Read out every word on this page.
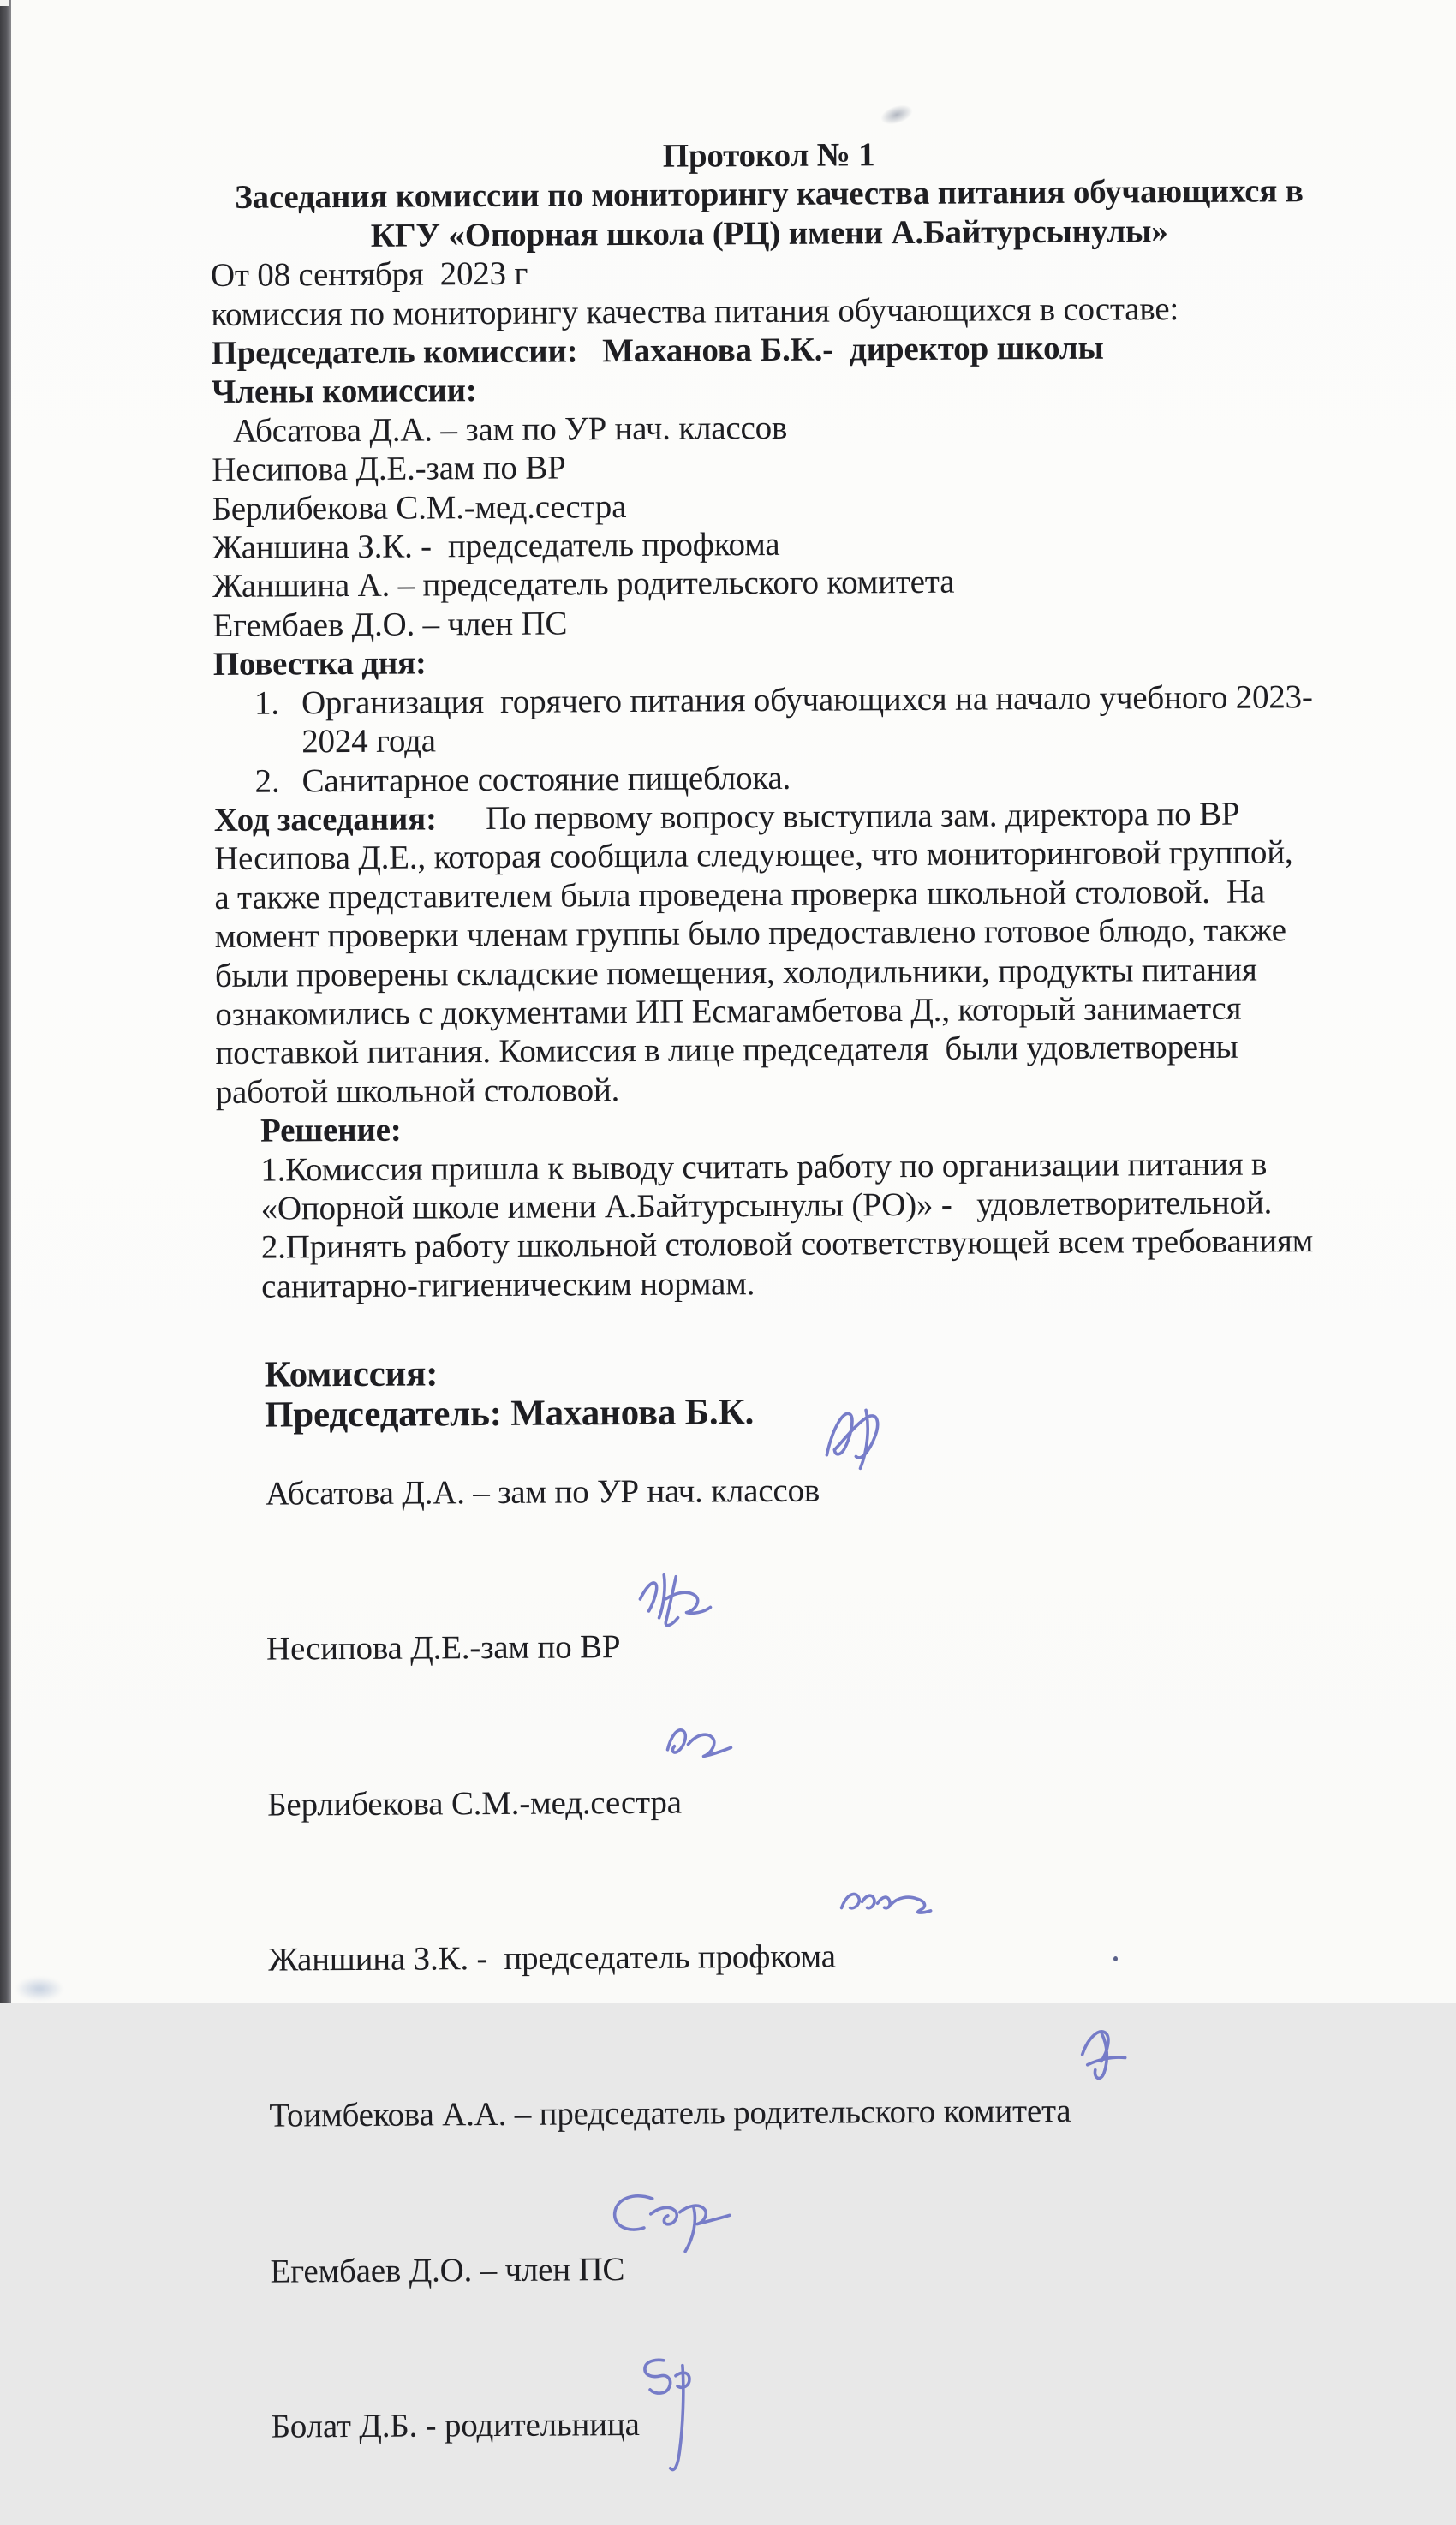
Протокол № 1
Заседания комиссии по мониторингу качества питания обучающихся в
КГУ «Опорная школа (РЦ) имени А.Байтурсынулы»
От 08 сентября  2023 г
комиссия по мониторингу качества питания обучающихся в составе:
Председатель комиссии:   Маханова Б.К.-  директор школы
Члены комиссии:
Абсатова Д.А. – зам по УР нач. классов
Несипова Д.Е.-зам по ВР
Берлибекова С.М.-мед.сестра
Жаншина З.К. -  председатель профкома
Жаншина А. – председатель родительского комитета
Егембаев Д.О. – член ПС
Повестка дня:
1. Организация  горячего питания обучающихся на начало учебного 2023-
2024 года
2. Санитарное состояние пищеблока.
Ход заседания:      По первому вопросу выступила зам. директора по ВР
Несипова Д.Е., которая сообщила следующее, что мониторинговой группой,
а также представителем была проведена проверка школьной столовой.  На
момент проверки членам группы было предоставлено готовое блюдо, также
были проверены складские помещения, холодильники, продукты питания
ознакомились с документами ИП Есмагамбетова Д., который занимается
поставкой питания. Комиссия в лице председателя  были удовлетворены
работой школьной столовой.
Решение:
1.Комиссия пришла к выводу считать работу по организации питания в
«Опорной школе имени А.Байтурсынулы (РО)» -   удовлетворительной.
2.Принять работу школьной столовой соответствующей всем требованиям
санитарно-гигиеническим нормам.
Комиссия:
Председатель: Маханова Б.К.

Абсатова Д.А. – зам по УР нач. классов

Несипова Д.Е.-зам по ВР

Берлибекова С.М.-мед.сестра

Жаншина З.К. -  председатель профкома

Тоимбекова А.А. – председатель родительского комитета

Егембаев Д.О. – член ПС

Болат Д.Б. - родительница
